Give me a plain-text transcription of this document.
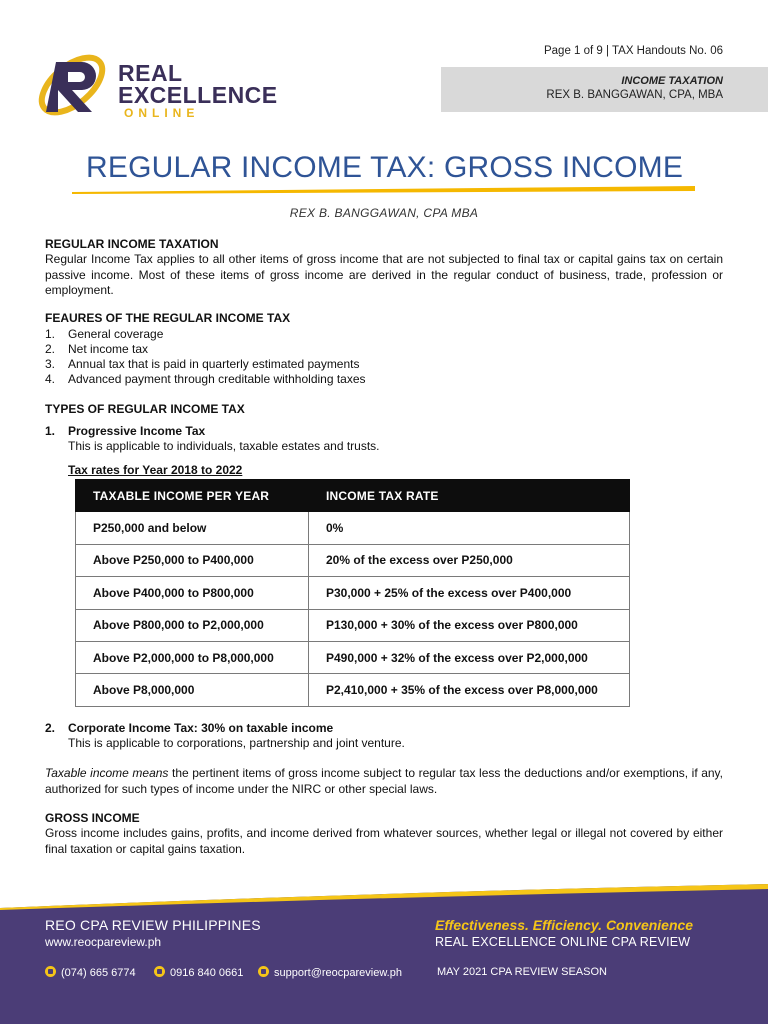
REAL
EXCELLENCE
ONLINE
Page 1 of 9 | TAX Handouts No. 06
INCOME TAXATION
REX B. BANGGAWAN, CPA, MBA
REGULAR INCOME TAX: GROSS INCOME
REX B. BANGGAWAN, CPA MBA
REGULAR INCOME TAXATION
Regular Income Tax applies to all other items of gross income that are not subjected to final tax or capital gains tax on certain passive income. Most of these items of gross income are derived in the regular conduct of business, trade, profession or employment.
FEAURES OF THE REGULAR INCOME TAX
1. General coverage
2. Net income tax
3. Annual tax that is paid in quarterly estimated payments
4. Advanced payment through creditable withholding taxes
TYPES OF REGULAR INCOME TAX
1. Progressive Income Tax
This is applicable to individuals, taxable estates and trusts.
Tax rates for Year 2018 to 2022
TAXABLE INCOME PER YEAR	INCOME TAX RATE
P250,000 and below	0%
Above P250,000 to P400,000	20% of the excess over P250,000
Above P400,000 to P800,000	P30,000 + 25% of the excess over P400,000
Above P800,000 to P2,000,000	P130,000 + 30% of the excess over P800,000
Above P2,000,000 to P8,000,000	P490,000 + 32% of the excess over P2,000,000
Above P8,000,000	P2,410,000 + 35% of the excess over P8,000,000
2. Corporate Income Tax: 30% on taxable income
This is applicable to corporations, partnership and joint venture.
Taxable income means the pertinent items of gross income subject to regular tax less the deductions and/or exemptions, if any, authorized for such types of income under the NIRC or other special laws.
GROSS INCOME
Gross income includes gains, profits, and income derived from whatever sources, whether legal or illegal not covered by either final taxation or capital gains taxation.
REO CPA REVIEW PHILIPPINES
www.reocpareview.ph
Effectiveness. Efficiency. Convenience
REAL EXCELLENCE ONLINE CPA REVIEW
(074) 665 6774	0916 840 0661	support@reocpareview.ph	MAY 2021 CPA REVIEW SEASON
